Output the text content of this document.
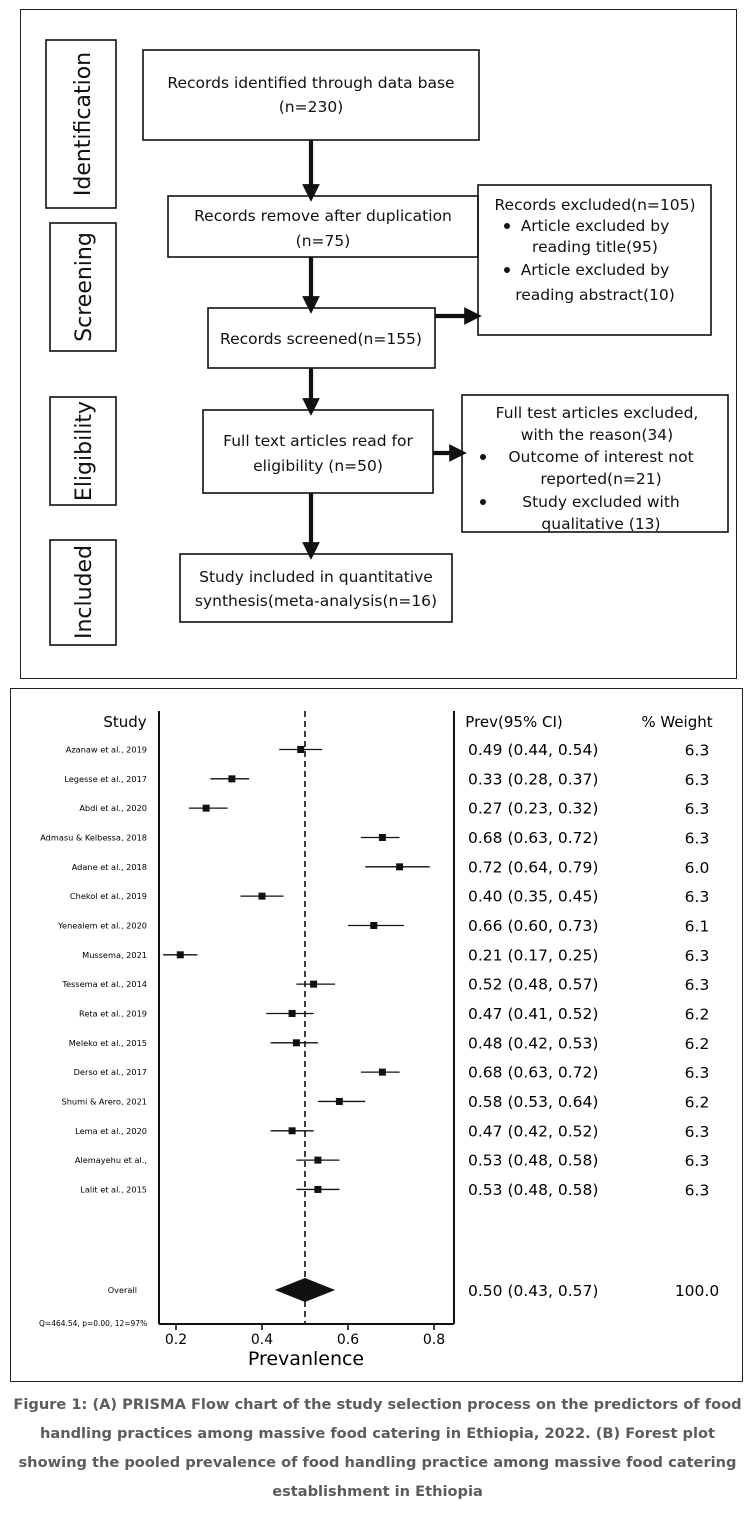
Identification
Screening
Eligibility
Included
Records identified through data base
(n=230)
Records remove after duplication
(n=75)
Records screened(n=155)
Full text articles read for
eligibility (n=50)
Study included in quantitative
synthesis(meta-analysis(n=16)
Records excluded(n=105)
Article excluded by
reading title(95)
Article excluded by
reading abstract(10)
Full test articles excluded,
with the reason(34)
Outcome of interest not
reported(n=21)
Study excluded with
qualitative (13)
Study	Prev(95% CI)	% Weight
0.2	0.4	0.6	0.8
Azanaw et al., 2019	0.49 (0.44, 0.54)	6.3
Legesse et al., 2017	0.33 (0.28, 0.37)	6.3
Abdi et al., 2020	0.27 (0.23, 0.32)	6.3
Admasu & Kelbessa, 2018	0.68 (0.63, 0.72)	6.3
Adane et al., 2018	0.72 (0.64, 0.79)	6.0
Chekol et al., 2019	0.40 (0.35, 0.45)	6.3
Yenealem et al., 2020	0.66 (0.60, 0.73)	6.1
Mussema, 2021	0.21 (0.17, 0.25)	6.3
Tessema et al., 2014	0.52 (0.48, 0.57)	6.3
Reta et al., 2019	0.47 (0.41, 0.52)	6.2
Meleko et al., 2015	0.48 (0.42, 0.53)	6.2
Derso et al., 2017	0.68 (0.63, 0.72)	6.3
Shumi & Arero, 2021	0.58 (0.53, 0.64)	6.2
Lema et al., 2020	0.47 (0.42, 0.52)	6.3
Alemayehu et al.,	0.53 (0.48, 0.58)	6.3
Lalit et al., 2015	0.53 (0.48, 0.58)	6.3
Overall	0.50 (0.43, 0.57)	100.0
Q=464.54, p=0.00, 12=97%
Prevanlence
Figure 1: (A) PRISMA Flow chart of the study selection process on the predictors of food handling practices among massive food catering in Ethiopia, 2022. (B) Forest plot showing the pooled prevalence of food handling practice among massive food catering establishment in Ethiopia
